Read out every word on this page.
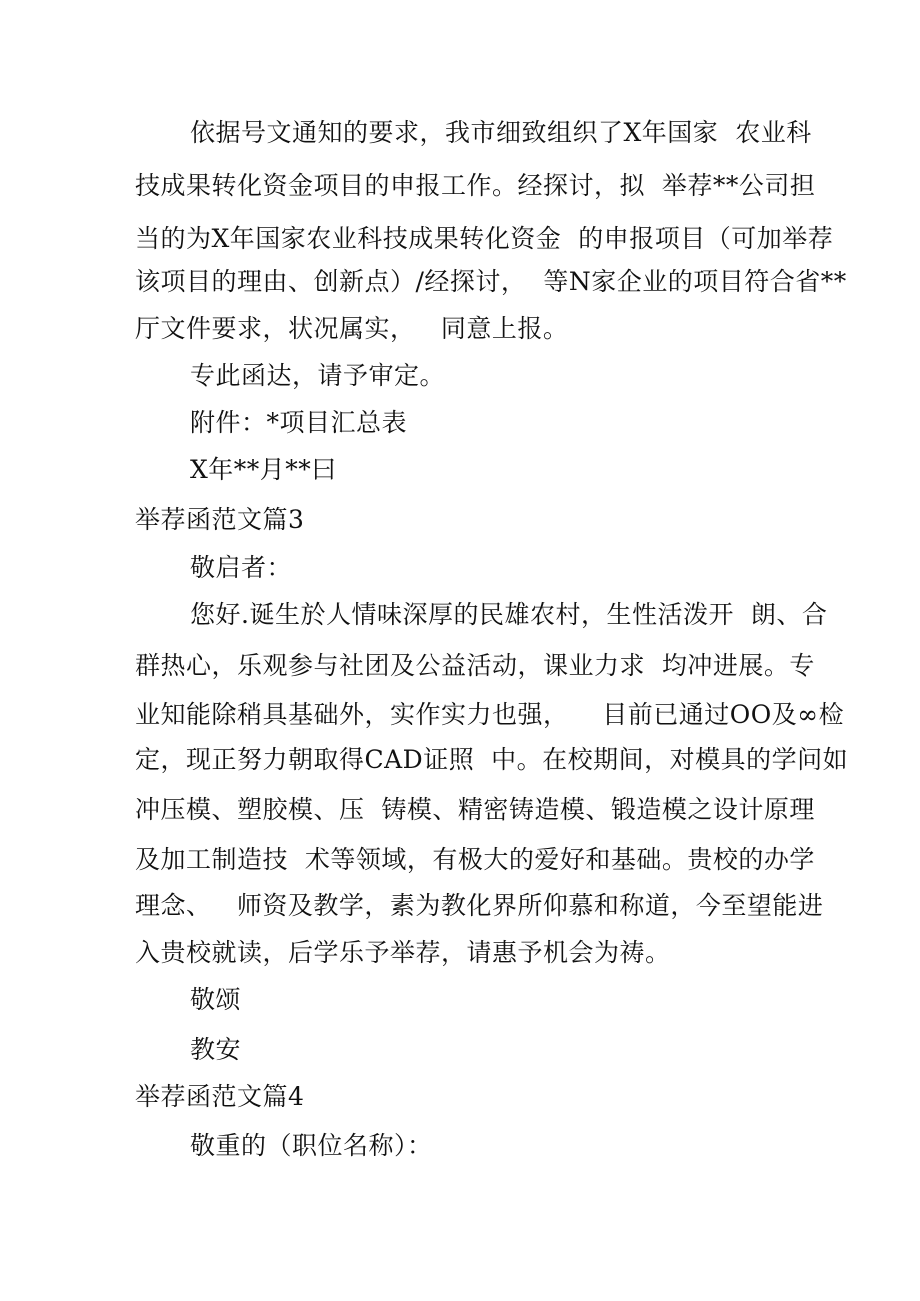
依据号文通知的要求，我市细致组织了X年国家  农业科
技成果转化资金项目的申报工作。经探讨，拟  举荐**公司担
当的为X年国家农业科技成果转化资金  的申报项目（可加举荐
该项目的理由、创新点）/经探讨，  等N家企业的项目符合省**
厅文件要求，状况属实，   同意上报。
专此函达，请予审定。
附件：*项目汇总表
X年**月**曰
举荐函范文篇3
敬启者：
您好.诞生於人情味深厚的民雄农村，生性活泼开  朗、合
群热心，乐观参与社团及公益活动，课业力求  均冲进展。专
业知能除稍具基础外，实作实力也强，    目前已通过OO及∞检
定，现正努力朝取得CAD证照  中。在校期间，对模具的学问如
冲压模、塑胶模、压  铸模、精密铸造模、锻造模之设计原理
及加工制造技  术等领域，有极大的爱好和基础。贵校的办学
理念、   师资及教学，素为教化界所仰慕和称道，今至望能进
入贵校就读，后学乐予举荐，请惠予机会为祷。
敬颂
教安
举荐函范文篇4
敬重的（职位名称）：
